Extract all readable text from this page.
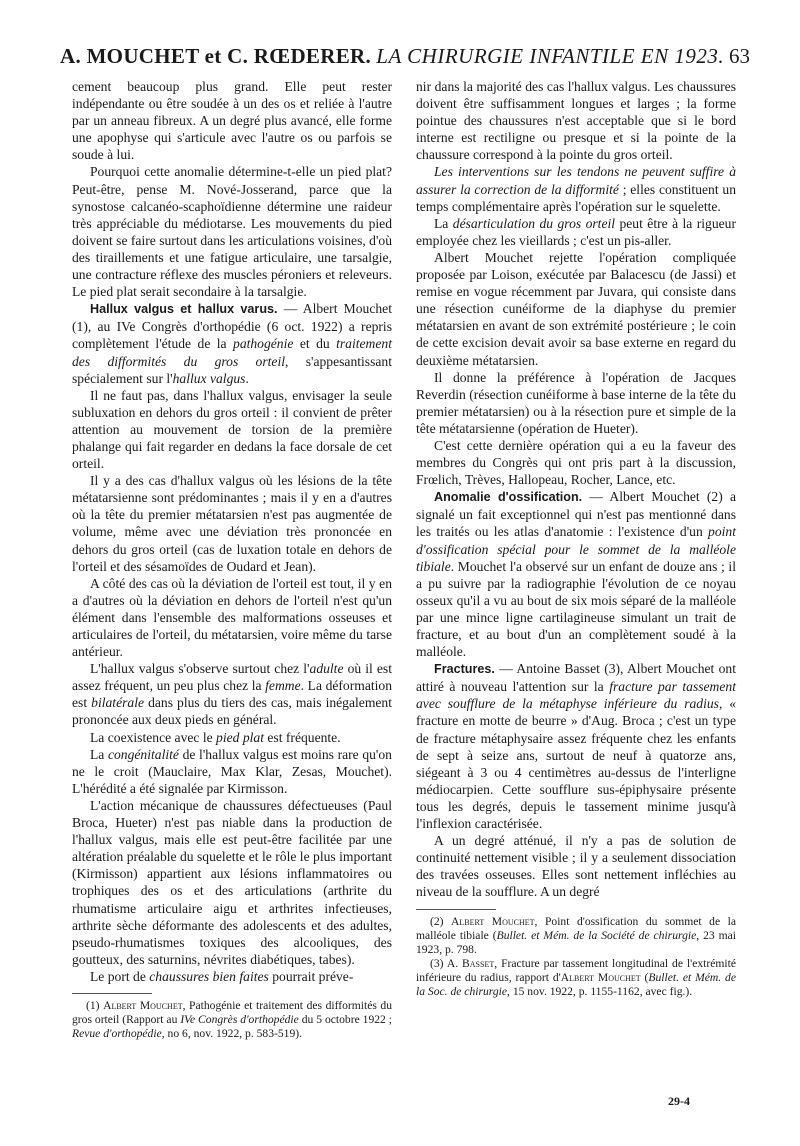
A. MOUCHET et C. RŒDERER. LA CHIRURGIE INFANTILE EN 1923. 63

cement beaucoup plus grand. Elle peut rester indépendante ou être soudée à un des os et reliée à l'autre par un anneau fibreux. A un degré plus avancé, elle forme une apophyse qui s'articule avec l'autre os ou parfois se soude à lui.

Pourquoi cette anomalie détermine-t-elle un pied plat? Peut-être, pense M. Nové-Josserand, parce que la synostose calcanéo-scaphoïdienne détermine une raideur très appréciable du médiotarse. Les mouvements du pied doivent se faire surtout dans les articulations voisines, d'où des tiraillements et une fatigue articulaire, une tarsalgie, une contracture réflexe des muscles péroniers et releveurs. Le pied plat serait secondaire à la tarsalgie.

Hallux valgus et hallux varus. — Albert Mouchet (1), au IVe Congrès d'orthopédie (6 oct. 1922) a repris complètement l'étude de la pathogénie et du traitement des difformités du gros orteil, s'appesantissant spécialement sur l'hallux valgus.

Il ne faut pas, dans l'hallux valgus, envisager la seule subluxation en dehors du gros orteil : il convient de prêter attention au mouvement de torsion de la première phalange qui fait regarder en dedans la face dorsale de cet orteil.

Il y a des cas d'hallux valgus où les lésions de la tête métatarsienne sont prédominantes ; mais il y en a d'autres où la tête du premier métatarsien n'est pas augmentée de volume, même avec une déviation très prononcée en dehors du gros orteil (cas de luxation totale en dehors de l'orteil et des sésamoïdes de Oudard et Jean).

A côté des cas où la déviation de l'orteil est tout, il y en a d'autres où la déviation en dehors de l'orteil n'est qu'un élément dans l'ensemble des malformations osseuses et articulaires de l'orteil, du métatarsien, voire même du tarse antérieur.

L'hallux valgus s'observe surtout chez l'adulte où il est assez fréquent, un peu plus chez la femme. La déformation est bilatérale dans plus du tiers des cas, mais inégalement prononcée aux deux pieds en général.

La coexistence avec le pied plat est fréquente.

La congénitalité de l'hallux valgus est moins rare qu'on ne le croit (Mauclaire, Max Klar, Zesas, Mouchet). L'hérédité a été signalée par Kirmisson.

L'action mécanique de chaussures défectueuses (Paul Broca, Hueter) n'est pas niable dans la production de l'hallux valgus, mais elle est peut-être facilitée par une altération préalable du squelette et le rôle le plus important (Kirmisson) appartient aux lésions inflammatoires ou trophiques des os et des articulations (arthrite du rhumatisme articulaire aigu et arthrites infectieuses, arthrite sèche déformante des adolescents et des adultes, pseudo-rhumatismes toxiques des alcooliques, des goutteux, des saturnins, névrites diabétiques, tabes).

Le port de chaussures bien faites pourrait préve-

(1) Albert Mouchet, Pathogénie et traitement des difformités du gros orteil (Rapport au IVe Congrès d'orthopédie du 5 octobre 1922 ; Revue d'orthopédie, no 6, nov. 1922, p. 583-519).

nir dans la majorité des cas l'hallux valgus. Les chaussures doivent être suffisamment longues et larges ; la forme pointue des chaussures n'est acceptable que si le bord interne est rectiligne ou presque et si la pointe de la chaussure correspond à la pointe du gros orteil.

Les interventions sur les tendons ne peuvent suffire à assurer la correction de la difformité ; elles constituent un temps complémentaire après l'opération sur le squelette.

La désarticulation du gros orteil peut être à la rigueur employée chez les vieillards ; c'est un pis-aller.

Albert Mouchet rejette l'opération compliquée proposée par Loison, exécutée par Balacescu (de Jassi) et remise en vogue récemment par Juvara, qui consiste dans une résection cunéiforme de la diaphyse du premier métatarsien en avant de son extrémité postérieure ; le coin de cette excision devait avoir sa base externe en regard du deuxième métatarsien.

Il donne la préférence à l'opération de Jacques Reverdin (résection cunéiforme à base interne de la tête du premier métatarsien) ou à la résection pure et simple de la tête métatarsienne (opération de Hueter).

C'est cette dernière opération qui a eu la faveur des membres du Congrès qui ont pris part à la discussion, Frœlich, Trèves, Hallopeau, Rocher, Lance, etc.

Anomalie d'ossification. — Albert Mouchet (2) a signalé un fait exceptionnel qui n'est pas mentionné dans les traités ou les atlas d'anatomie : l'existence d'un point d'ossification spécial pour le sommet de la malléole tibiale. Mouchet l'a observé sur un enfant de douze ans ; il a pu suivre par la radiographie l'évolution de ce noyau osseux qu'il a vu au bout de six mois séparé de la malléole par une mince ligne cartilagineuse simulant un trait de fracture, et au bout d'un an complètement soudé à la malléole.

Fractures. — Antoine Basset (3), Albert Mouchet ont attiré à nouveau l'attention sur la fracture par tassement avec soufflure de la métaphyse inférieure du radius, « fracture en motte de beurre » d'Aug. Broca ; c'est un type de fracture métaphysaire assez fréquente chez les enfants de sept à seize ans, surtout de neuf à quatorze ans, siégeant à 3 ou 4 centimètres au-dessus de l'interligne médiocarpien. Cette soufflure sus-épiphysaire présente tous les degrés, depuis le tassement minime jusqu'à l'inflexion caractérisée.

A un degré atténué, il n'y a pas de solution de continuité nettement visible ; il y a seulement dissociation des travées osseuses. Elles sont nettement infléchies au niveau de la soufflure. A un degré

(2) Albert Mouchet, Point d'ossification du sommet de la malléole tibiale (Bullet. et Mém. de la Société de chirurgie, 23 mai 1923, p. 798.

(3) A. Basset, Fracture par tassement longitudinal de l'extrémité inférieure du radius, rapport d'Albert Mouchet (Bullet. et Mém. de la Soc. de chirurgie, 15 nov. 1922, p. 1155-1162, avec fig.).

29-4
